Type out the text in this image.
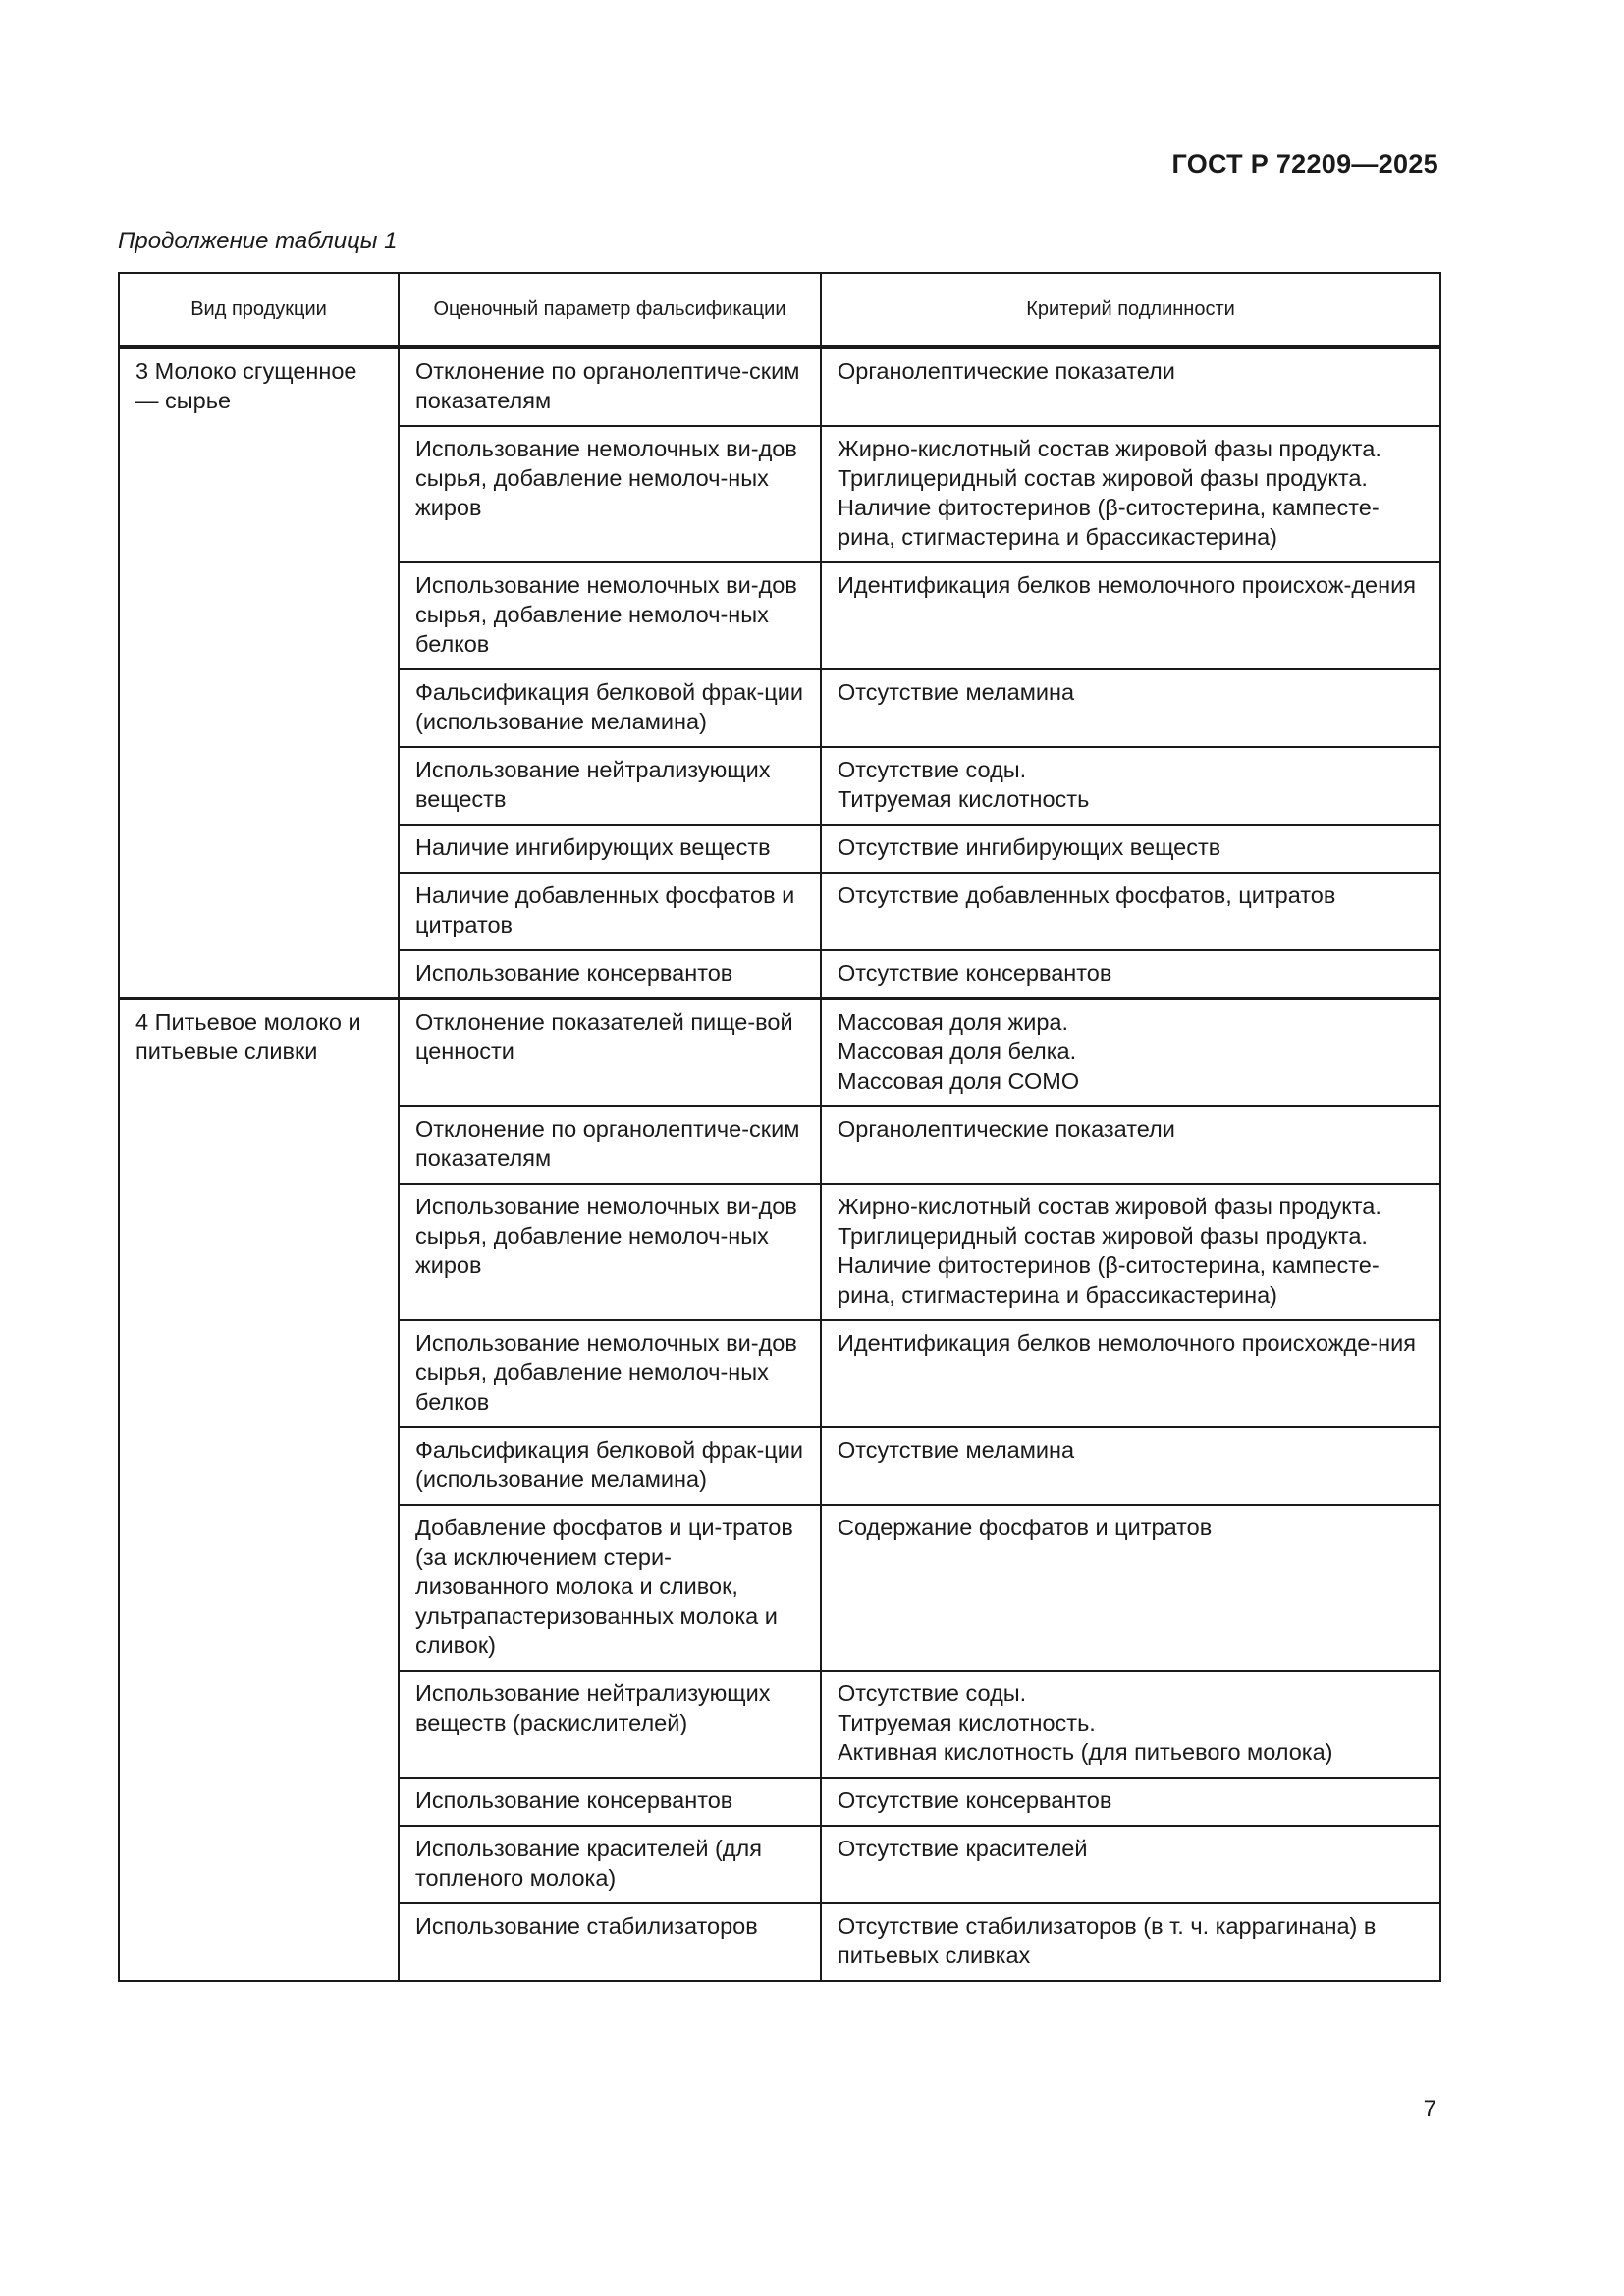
ГОСТ Р 72209—2025
Продолжение таблицы 1
Вид продукции	Оценочный параметр фальсификации	Критерий подлинности
3 Молоко сгущенное — сырье	Отклонение по органолептиче-ским показателям	Органолептические показатели

	Использование немолочных ви-дов сырья, добавление немолоч-ных жиров	Жирно-кислотный состав жировой фазы продукта.
Триглицеридный состав жировой фазы продукта.
Наличие фитостеринов (β-ситостерина, кампесте-рина, стигмастерина и брассикастерина)

	Использование немолочных ви-дов сырья, добавление немолоч-ных белков	Идентификация белков немолочного происхож-дения

	Фальсификация белковой фрак-ции (использование меламина)	Отсутствие меламина

	Использование нейтрализующих веществ	Отсутствие соды.
Титруемая кислотность

	Наличие ингибирующих веществ	Отсутствие ингибирующих веществ

	Наличие добавленных фосфатов и цитратов	Отсутствие добавленных фосфатов, цитратов

	Использование консервантов	Отсутствие консервантов

4 Питьевое молоко и питьевые сливки	Отклонение показателей пище-вой ценности	Массовая доля жира.
Массовая доля белка.
Массовая доля СОМО

	Отклонение по органолептиче-ским показателям	Органолептические показатели

	Использование немолочных ви-дов сырья, добавление немолоч-ных жиров	Жирно-кислотный состав жировой фазы продукта.
Триглицеридный состав жировой фазы продукта.
Наличие фитостеринов (β-ситостерина, кампесте-рина, стигмастерина и брассикастерина)

	Использование немолочных ви-дов сырья, добавление немолоч-ных белков	Идентификация белков немолочного происхожде-ния

	Фальсификация белковой фрак-ции (использование меламина)	Отсутствие меламина

	Добавление фосфатов и ци-тратов (за исключением стери-лизованного молока и сливок, ультрапастеризованных молока и сливок)	Содержание фосфатов и цитратов

	Использование нейтрализующих веществ (раскислителей)	Отсутствие соды.
Титруемая кислотность.
Активная кислотность (для питьевого молока)

	Использование консервантов	Отсутствие консервантов

	Использование красителей (для топленого молока)	Отсутствие красителей

	Использование стабилизаторов	Отсутствие стабилизаторов (в т. ч. каррагинана) в питьевых сливках
7
